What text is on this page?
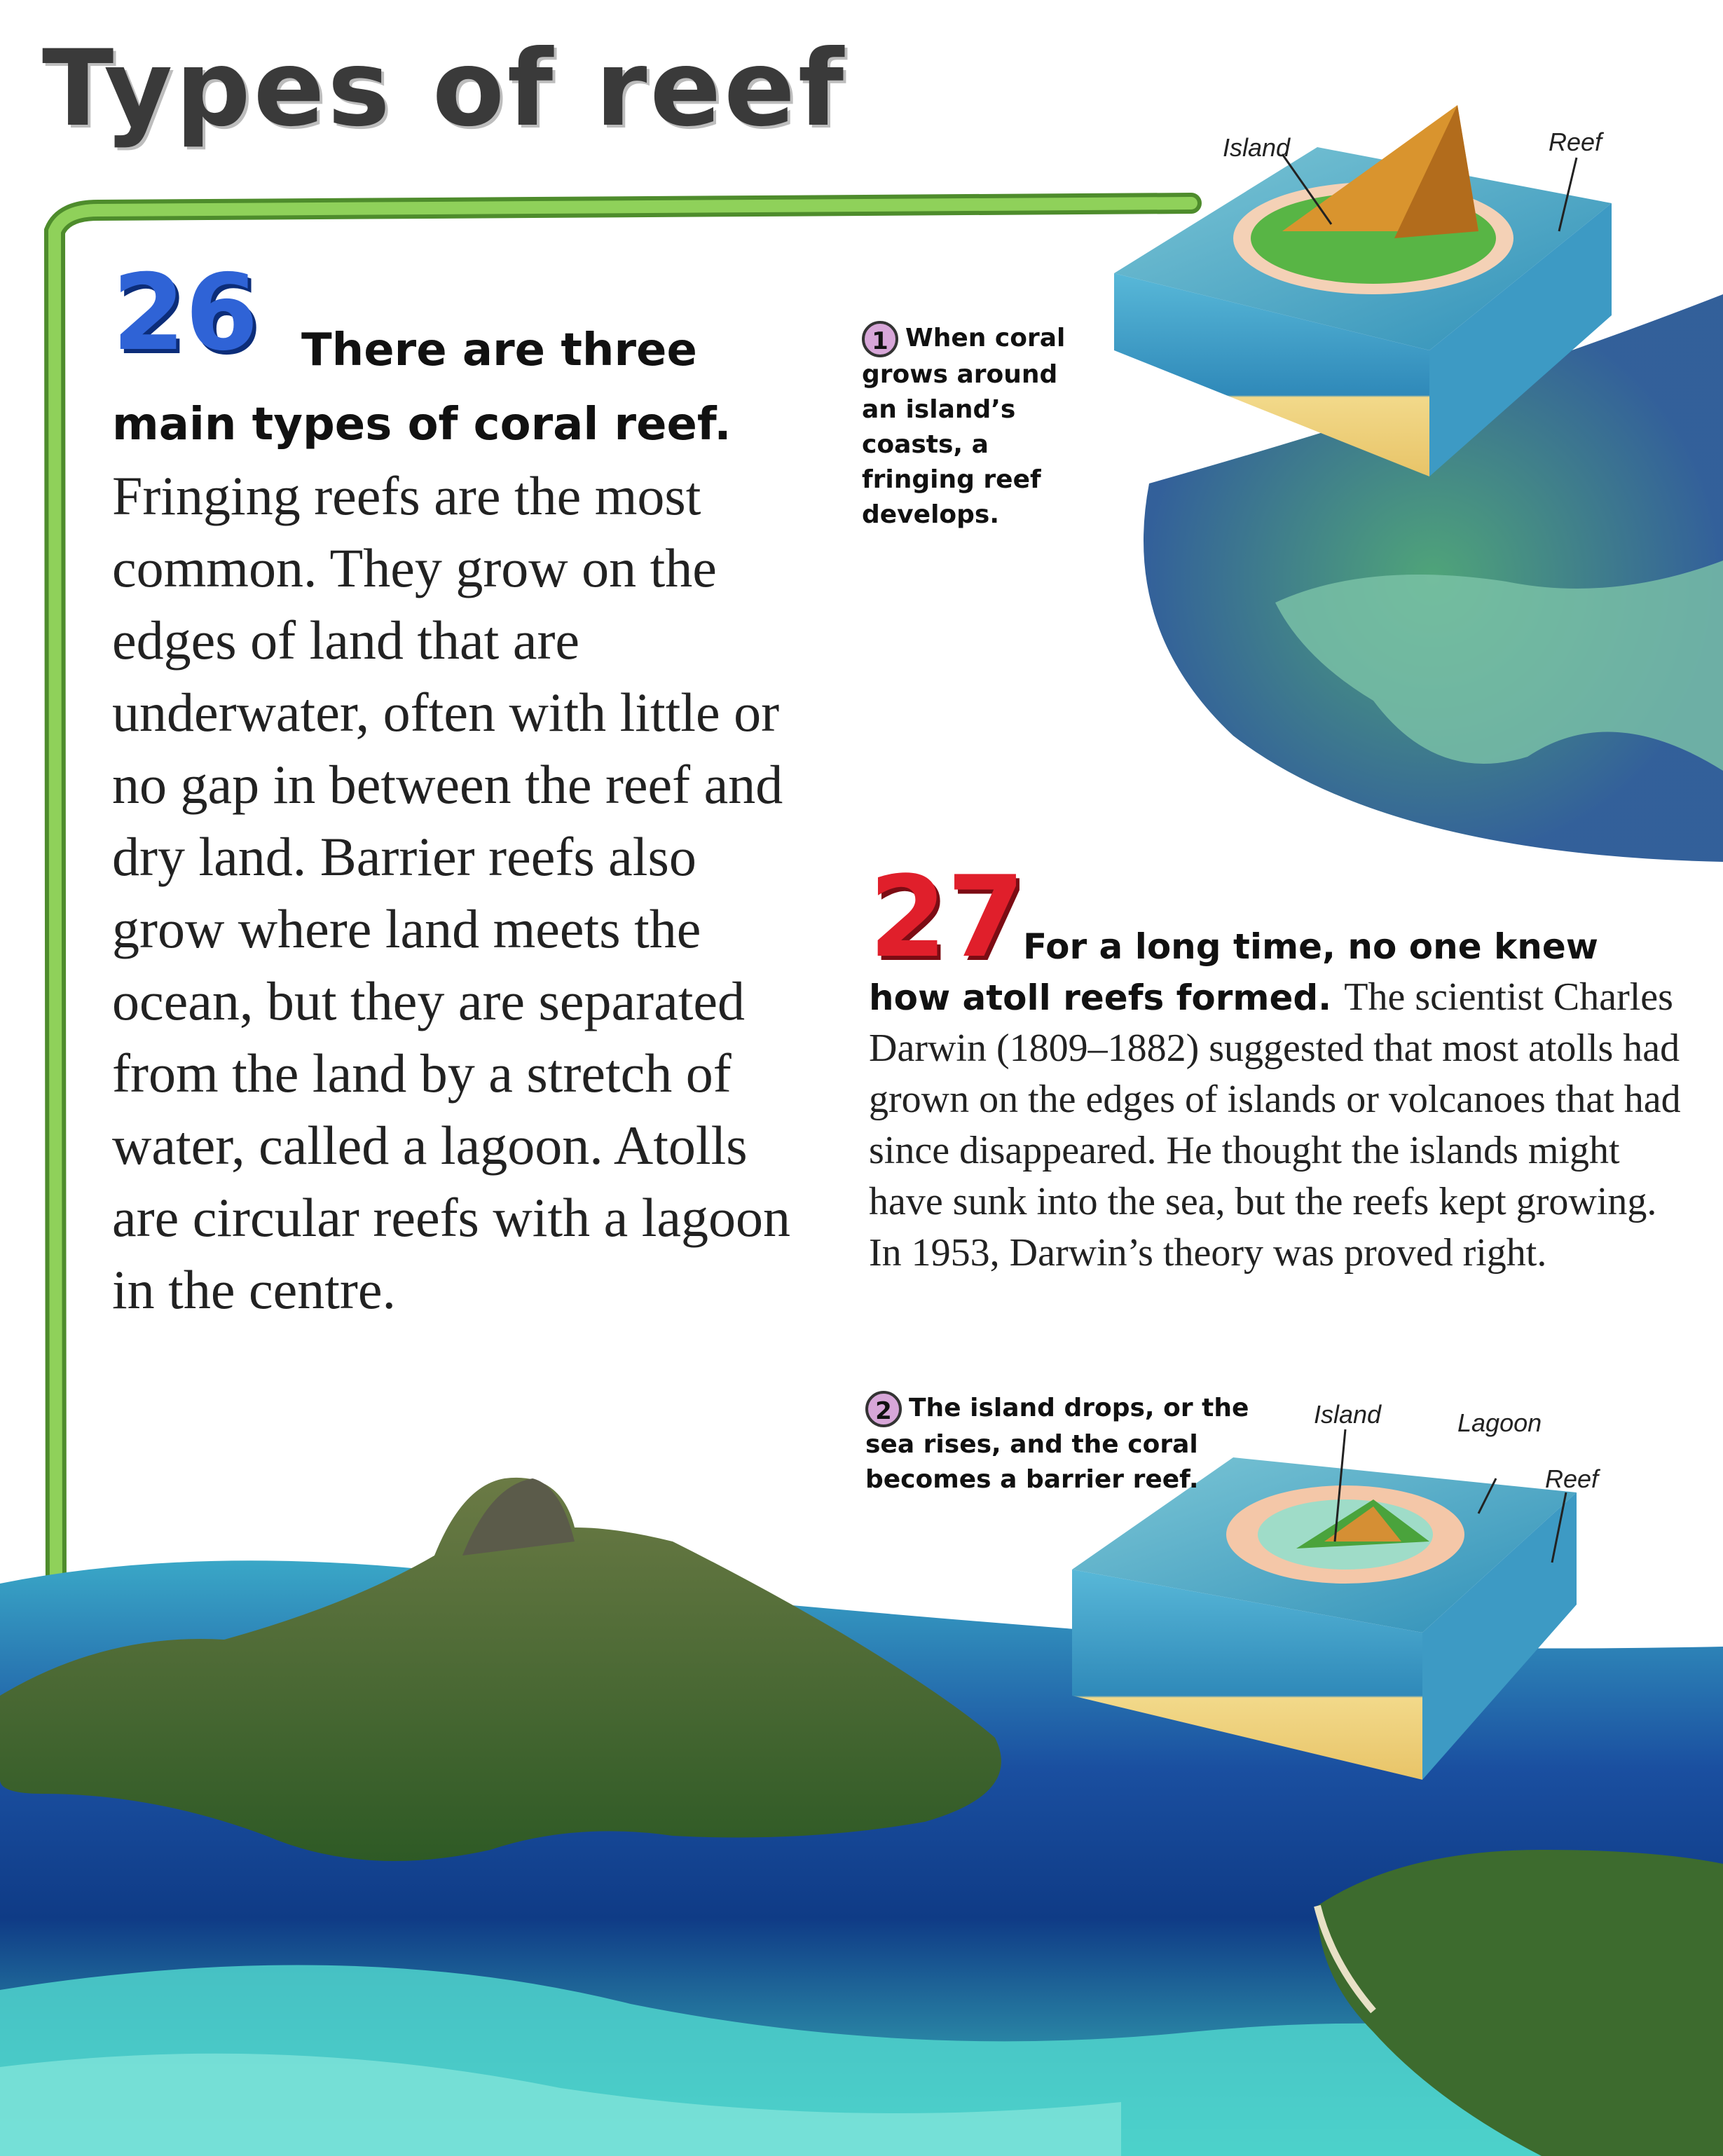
Types of reef
26 There are three main types of coral reef. Fringing reefs are the most common. They grow on the edges of land that are underwater, often with little or no gap in between the reef and dry land. Barrier reefs also grow where land meets the ocean, but they are separated from the land by a stretch of water, called a lagoon. Atolls are circular reefs with a lagoon in the centre.
1 When coral grows around an island’s coasts, a fringing reef develops.
Island	Reef
27
For a long time, no one knew how atoll reefs formed. The scientist Charles Darwin (1809–1882) suggested that most atolls had grown on the edges of islands or volcanoes that had since disappeared. He thought the islands might have sunk into the sea, but the reefs kept growing. In 1953, Darwin’s theory was proved right.
2 The island drops, or the sea rises, and the coral becomes a barrier reef.
Island	Lagoon
Reef
